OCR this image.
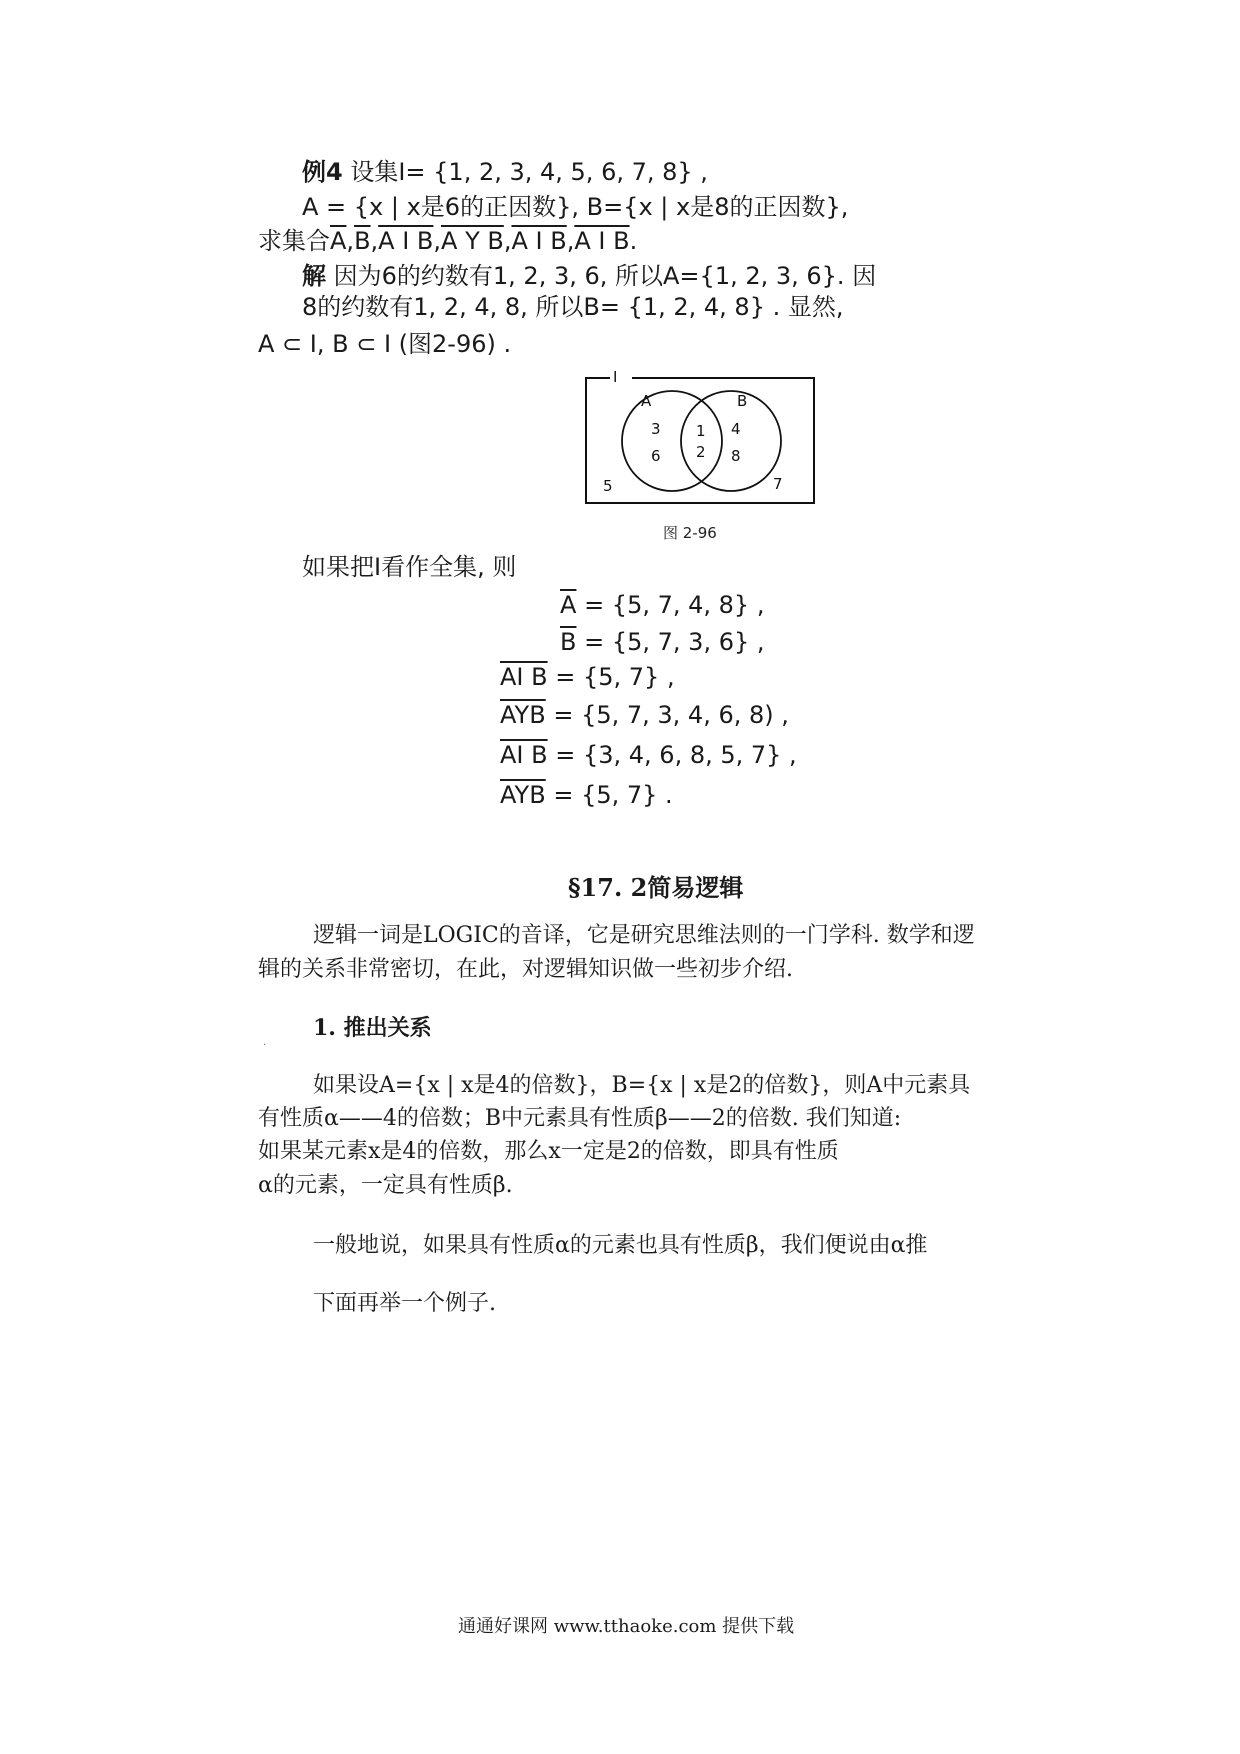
例4 设集I= {1, 2, 3, 4, 5, 6, 7, 8} ,
A = {x | x是6的正因数}, B={x | x是8的正因数},
求集合$\overline{A},\overline{B},A$ I B,A Y B,A I B,A I B.
解 因为6的约数有1, 2, 3, 6, 所以A={1, 2, 3, 6}. 因
8的约数有1, 2, 4, 8, 所以B= {1, 2, 4, 8} . 显然,
A ⊂ I, B ⊂ I (图2-96) .
I
A	B
3
6
1
2
4
8
5	7
图 2-96
如果把I看作全集, 则
$\overline{A} = \{5$, 7, 4, 8} ,
$\overline{B} = \{5$, 7, 3, 6} ,
AI B = {5, 7} ,
$\overline{AYB} = \{5$, 7, 3, 4, 6, 8) ,
AI B = {3, 4, 6, 8, 5, 7} ,
$\overline{AYB} = \{5$, 7} .
§17. 2简易逻辑
逻辑一词是LOGIC的音译，它是研究思维法则的一门学科. 数学和逻
辑的关系非常密切，在此，对逻辑知识做一些初步介绍.
.
1. 推出关系
如果设A={x | x是4的倍数}，B={x | x是2的倍数}，则A中元素具
有性质α——4的倍数；B中元素具有性质β——2的倍数. 我们知道:
如果某元素x是4的倍数，那么x一定是2的倍数，即具有性质
α的元素，一定具有性质β.
一般地说，如果具有性质α的元素也具有性质β，我们便说由α推
下面再举一个例子.
通通好课网 www.tthaoke.com 提供下载
